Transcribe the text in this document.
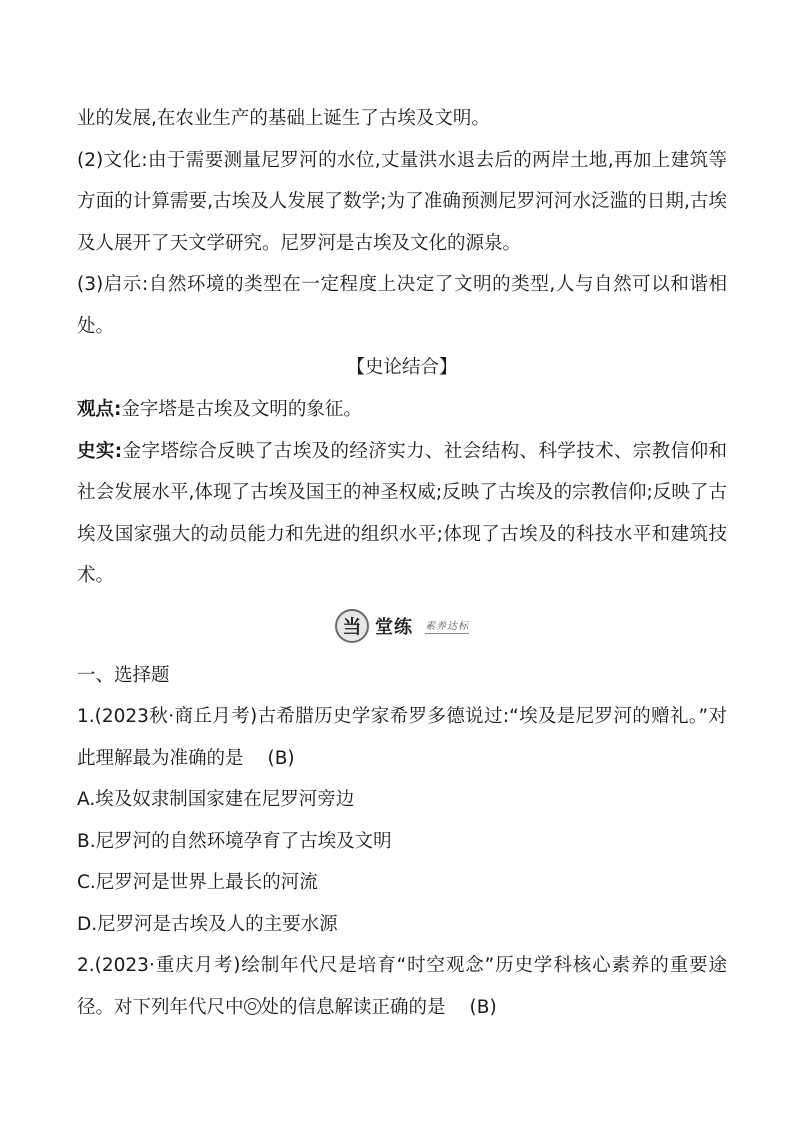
业的发展,在农业生产的基础上诞生了古埃及文明。

(2)文化:由于需要测量尼罗河的水位,丈量洪水退去后的两岸土地,再加上建筑等方面的计算需要,古埃及人发展了数学;为了准确预测尼罗河河水泛滥的日期,古埃及人展开了天文学研究。尼罗河是古埃及文化的源泉。

(3)启示:自然环境的类型在一定程度上决定了文明的类型,人与自然可以和谐相处。

【史论结合】

观点:金字塔是古埃及文明的象征。

史实:金字塔综合反映了古埃及的经济实力、社会结构、科学技术、宗教信仰和社会发展水平,体现了古埃及国王的神圣权威;反映了古埃及的宗教信仰;反映了古埃及国家强大的动员能力和先进的组织水平;体现了古埃及的科技水平和建筑技术。

当 堂练 素养达标

一、选择题

1.(2023秋·商丘月考)古希腊历史学家希罗多德说过:“埃及是尼罗河的赠礼。”对此理解最为准确的是 (B)

A.埃及奴隶制国家建在尼罗河旁边

B.尼罗河的自然环境孕育了古埃及文明

C.尼罗河是世界上最长的河流

D.尼罗河是古埃及人的主要水源

2.(2023·重庆月考)绘制年代尺是培育“时空观念”历史学科核心素养的重要途径。对下列年代尺中 处的信息解读正确的是 (B)
